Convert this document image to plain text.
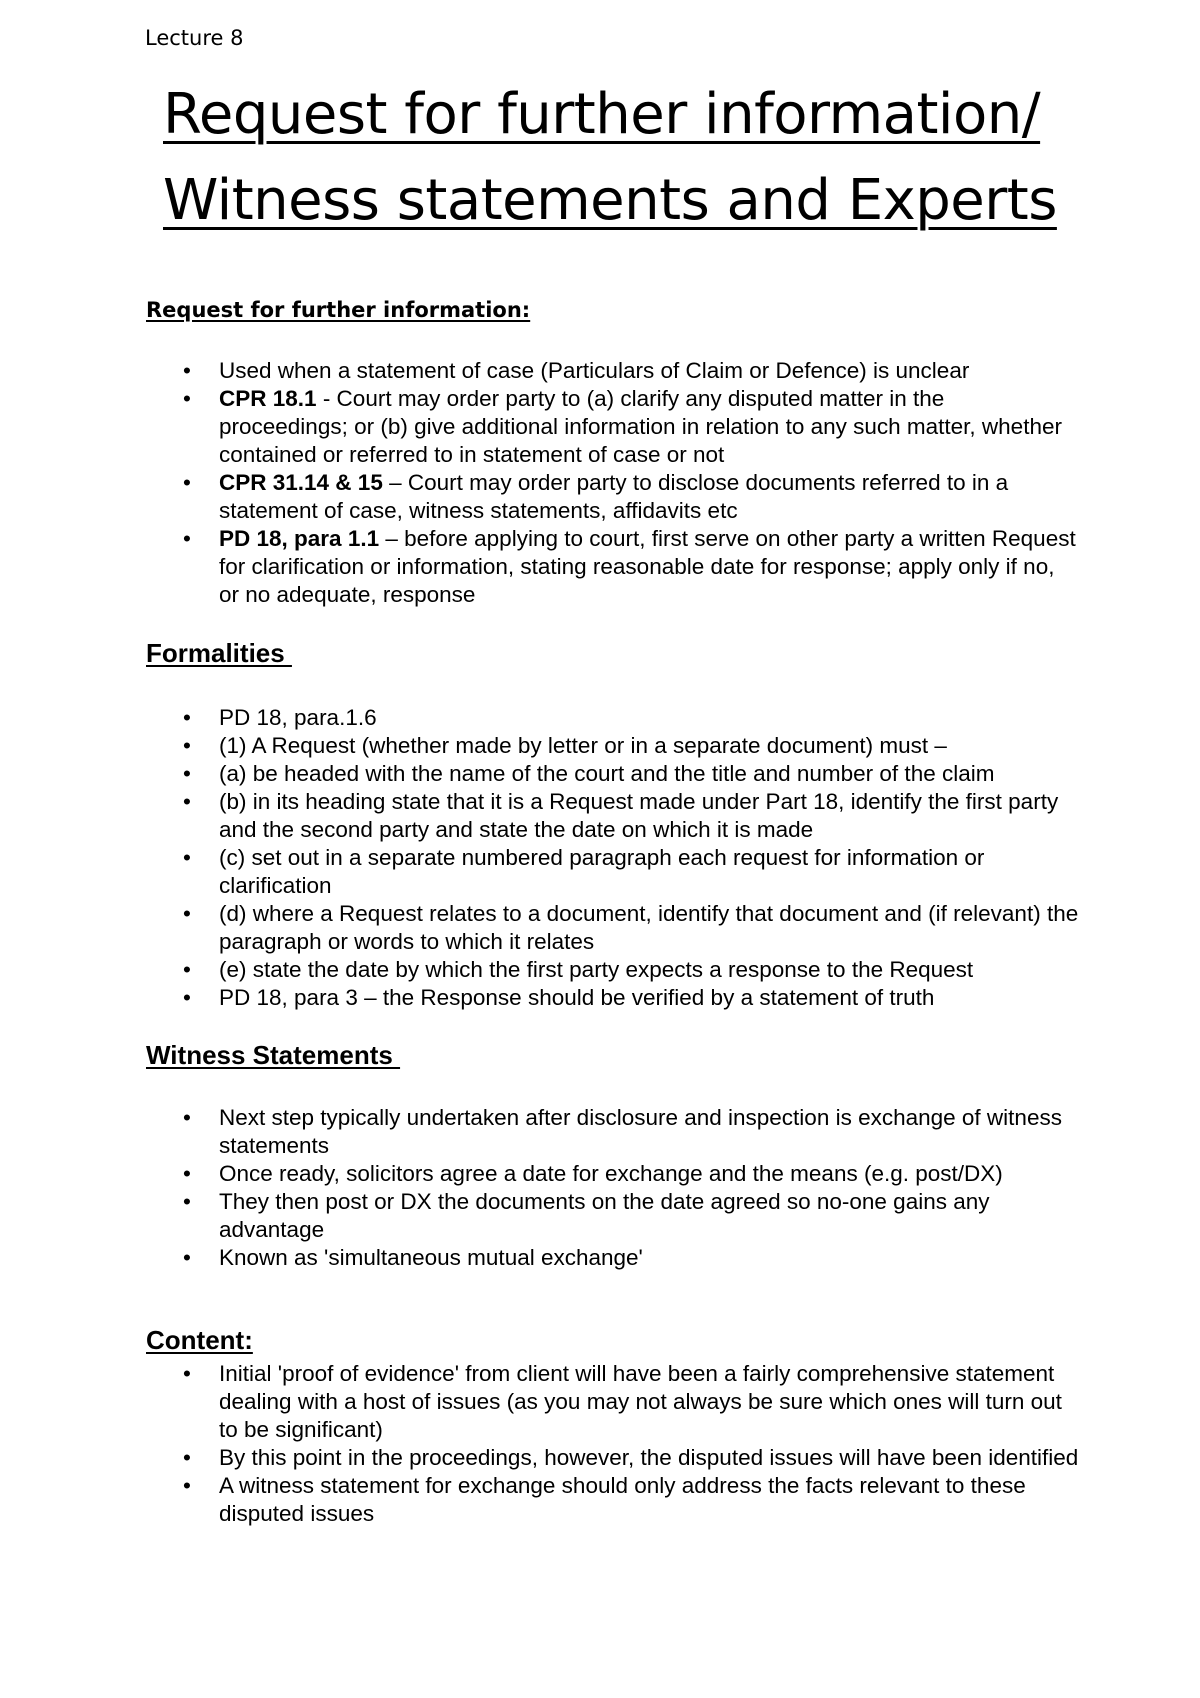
Lecture 8
Request for further information/
Witness statements and Experts
Request for further information:
• Used when a statement of case (Particulars of Claim or Defence) is unclear
• CPR 18.1 - Court may order party to (a) clarify any disputed matter in the proceedings; or (b) give additional information in relation to any such matter, whether contained or referred to in statement of case or not
• CPR 31.14 & 15 – Court may order party to disclose documents referred to in a statement of case, witness statements, affidavits etc
• PD 18, para 1.1 – before applying to court, first serve on other party a written Request for clarification or information, stating reasonable date for response; apply only if no, or no adequate, response
Formalities
• PD 18, para.1.6
• (1) A Request (whether made by letter or in a separate document) must –
• (a) be headed with the name of the court and the title and number of the claim
• (b) in its heading state that it is a Request made under Part 18, identify the first party and the second party and state the date on which it is made
• (c) set out in a separate numbered paragraph each request for information or clarification
• (d) where a Request relates to a document, identify that document and (if relevant) the paragraph or words to which it relates
• (e) state the date by which the first party expects a response to the Request
• PD 18, para 3 – the Response should be verified by a statement of truth
Witness Statements
• Next step typically undertaken after disclosure and inspection is exchange of witness statements
• Once ready, solicitors agree a date for exchange and the means (e.g. post/DX)
• They then post or DX the documents on the date agreed so no-one gains any advantage
• Known as 'simultaneous mutual exchange'
Content:
• Initial 'proof of evidence' from client will have been a fairly comprehensive statement dealing with a host of issues (as you may not always be sure which ones will turn out to be significant)
• By this point in the proceedings, however, the disputed issues will have been identified
• A witness statement for exchange should only address the facts relevant to these disputed issues
